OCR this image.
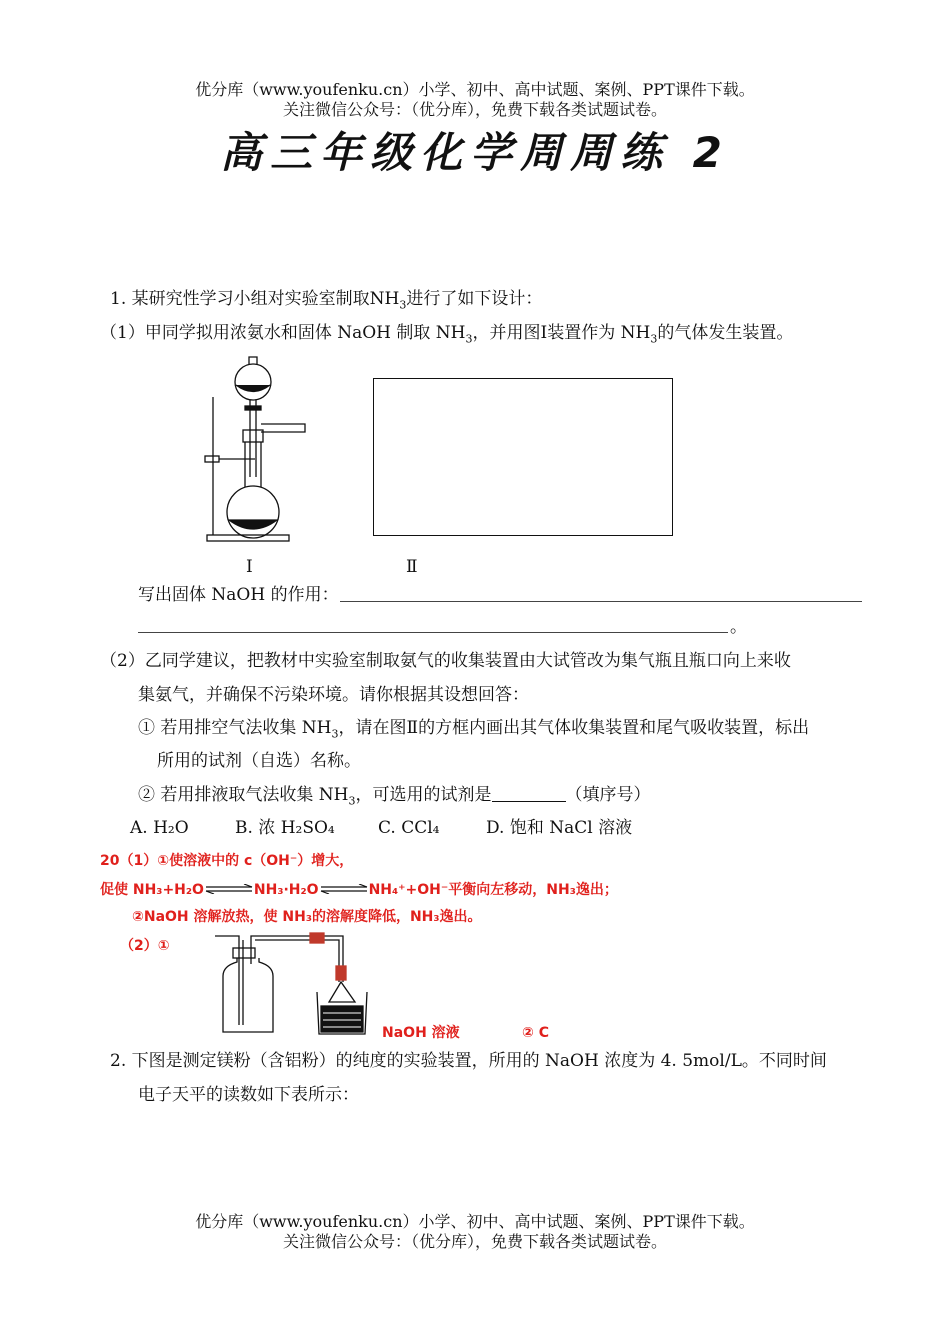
优分库（www.youfenku.cn）小学、初中、高中试题、案例、PPT课件下载。
关注微信公众号：（优分库），免费下载各类试题试卷。
高三年级化学周周练 2
1. 某研究性学习小组对实验室制取$NH_3$进行了如下设计：
（1）甲同学拟用浓氨水和固体 NaOH 制取 $NH_3$，并用图Ⅰ装置作为 $NH_3$的气体发生装置。
Ⅰ	Ⅱ
写出固体 NaOH 的作用：
。
（2）乙同学建议，把教材中实验室制取氨气的收集装置由大试管改为集气瓶且瓶口向上来收
集氨气，并确保不污染环境。请你根据其设想回答：
① 若用排空气法收集 $NH_3$，请在图Ⅱ的方框内画出其气体收集装置和尾气吸收装置，标出
所用的试剂（自选）名称。
② 若用排液取气法收集 $NH_3$，可选用的试剂是	（填序号）
A. H₂O	B. 浓 H₂SO₄	C. CCl₄	D. 饱和 NaCl 溶液
20（1）①使溶液中的 c（OH⁻）增大，
促使 NH₃+H₂O⇌NH₃·H₂O⇌NH₄⁺+OH⁻平衡向左移动，NH₃逸出；
②NaOH 溶解放热，使 NH₃的溶解度降低，NH₃逸出。
（2）①
NaOH 溶液	② C
2. 下图是测定镁粉（含铝粉）的纯度的实验装置，所用的 NaOH 浓度为 4. 5mol/L。不同时间
电子天平的读数如下表所示：
优分库（www.youfenku.cn）小学、初中、高中试题、案例、PPT课件下载。
关注微信公众号：（优分库），免费下载各类试题试卷。
